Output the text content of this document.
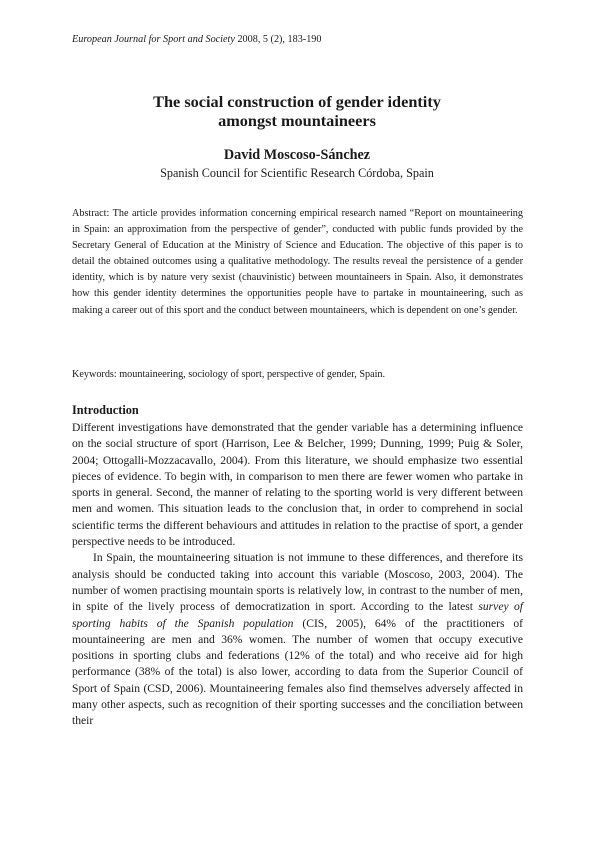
European Journal for Sport and Society 2008, 5 (2), 183-190
The social construction of gender identity
amongst mountaineers

David Moscoso-Sánchez

Spanish Council for Scientific Research Córdoba, Spain

Abstract: The article provides information concerning empirical research named “Report on mountaineering in Spain: an approximation from the perspective of gender”, conducted with public funds provided by the Secretary General of Education at the Ministry of Science and Education. The objective of this paper is to detail the obtained outcomes using a qualitative methodology. The results reveal the persistence of a gender identity, which is by nature very sexist (chauvinistic) between mountaineers in Spain. Also, it demonstrates how this gender identity determines the opportunities people have to partake in mountaineering, such as making a career out of this sport and the conduct between mountaineers, which is dependent on one’s gender.

Keywords: mountaineering, sociology of sport, perspective of gender, Spain.

Introduction

Different investigations have demonstrated that the gender variable has a determining influence on the social structure of sport (Harrison, Lee & Belcher, 1999; Dunning, 1999; Puig & Soler, 2004; Ottogalli-Mozzacavallo, 2004). From this literature, we should emphasize two essential pieces of evidence. To begin with, in comparison to men there are fewer women who partake in sports in general. Second, the manner of relating to the sporting world is very different between men and women. This situation leads to the conclusion that, in order to comprehend in social scientific terms the different behaviours and attitudes in relation to the practise of sport, a gender perspective needs to be introduced.

In Spain, the mountaineering situation is not immune to these differences, and therefore its analysis should be conducted taking into account this variable (Moscoso, 2003, 2004). The number of women practising mountain sports is relatively low, in contrast to the number of men, in spite of the lively process of democratization in sport. According to the latest survey of sporting habits of the Spanish population (CIS, 2005), 64% of the practitioners of mountaineering are men and 36% women. The number of women that occupy executive positions in sporting clubs and federations (12% of the total) and who receive aid for high performance (38% of the total) is also lower, according to data from the Superior Council of Sport of Spain (CSD, 2006). Mountaineering females also find themselves adversely affected in many other aspects, such as recognition of their sporting successes and the conciliation between their
